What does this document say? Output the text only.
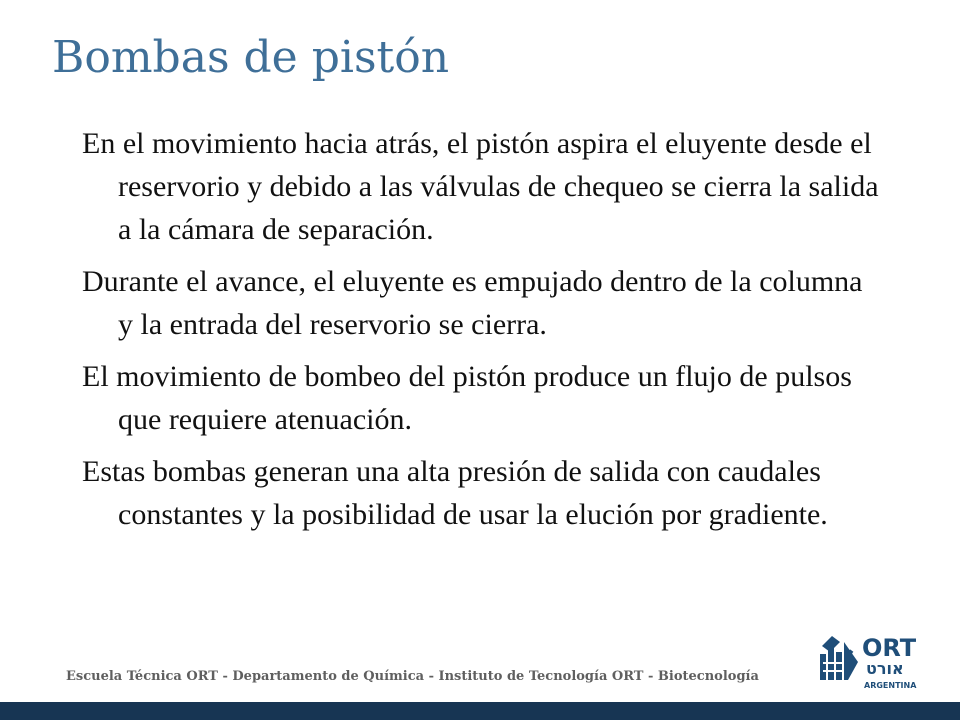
Bombas de pistón

En el movimiento hacia atrás, el pistón aspira el eluyente desde el reservorio y debido a las válvulas de chequeo se cierra la salida a la cámara de separación.

Durante el avance, el eluyente es empujado dentro de la columna y la entrada del reservorio se cierra.

El movimiento de bombeo del pistón produce un flujo de pulsos que requiere atenuación.

Estas bombas generan una alta presión de salida con caudales constantes y la posibilidad de usar la elución por gradiente.

Escuela Técnica ORT - Departamento de Química - Instituto de Tecnología ORT - Biotecnología
ORT
אורט
ARGENTINA
